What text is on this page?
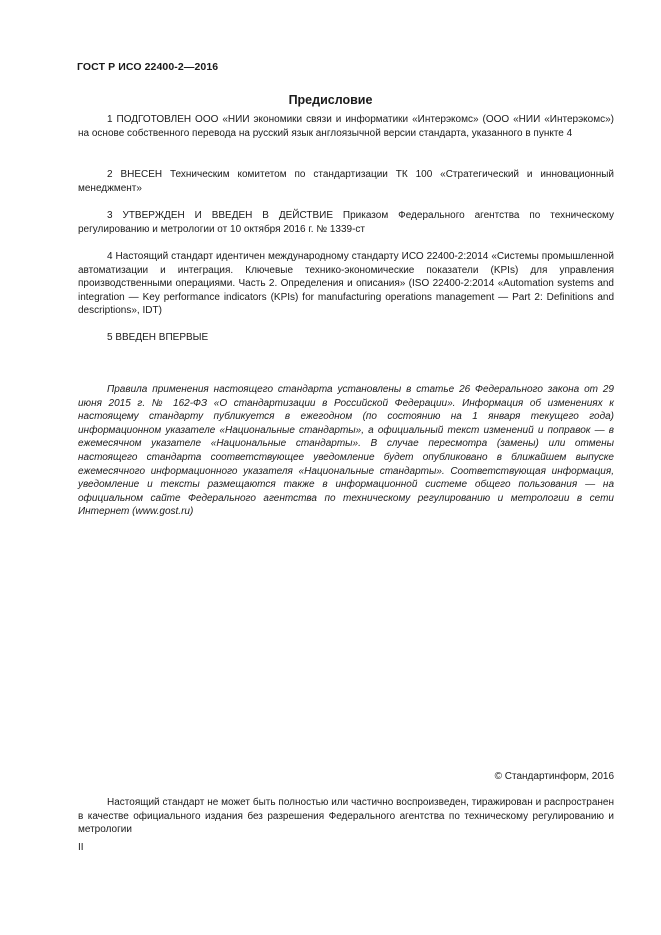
ГОСТ Р ИСО 22400-2—2016
Предисловие

1 ПОДГОТОВЛЕН ООО «НИИ экономики связи и информатики «Интерэкомс» (ООО «НИИ «Интерэкомс») на основе собственного перевода на русский язык англоязычной версии стандарта, указанного в пункте 4

2 ВНЕСЕН Техническим комитетом по стандартизации ТК 100 «Стратегический и инновационный менеджмент»

3 УТВЕРЖДЕН И ВВЕДЕН В ДЕЙСТВИЕ Приказом Федерального агентства по техническому регулированию и метрологии от 10 октября 2016 г. № 1339-ст

4 Настоящий стандарт идентичен международному стандарту ИСО 22400-2:2014 «Системы промышленной автоматизации и интеграция. Ключевые технико-экономические показатели (KPIs) для управления производственными операциями. Часть 2. Определения и описания» (ISO 22400-2:2014 «Automation systems and integration — Key performance indicators (KPIs) for manufacturing operations management — Part 2: Definitions and descriptions», IDT)

5 ВВЕДЕН ВПЕРВЫЕ

Правила применения настоящего стандарта установлены в статье 26 Федерального закона от 29 июня 2015 г. № 162-ФЗ «О стандартизации в Российской Федерации». Информация об изменениях к настоящему стандарту публикуется в ежегодном (по состоянию на 1 января текущего года) информационном указателе «Национальные стандарты», а официальный текст изменений и поправок — в ежемесячном указателе «Национальные стандарты». В случае пересмотра (замены) или отмены настоящего стандарта соответствующее уведомление будет опубликовано в ближайшем выпуске ежемесячного информационного указателя «Национальные стандарты». Соответствующая информация, уведомление и тексты размещаются также в информационной системе общего пользования — на официальном сайте Федерального агентства по техническому регулированию и метрологии в сети Интернет (www.gost.ru)

© Стандартинформ, 2016

Настоящий стандарт не может быть полностью или частично воспроизведен, тиражирован и распространен в качестве официального издания без разрешения Федерального агентства по техническому регулированию и метрологии

II
